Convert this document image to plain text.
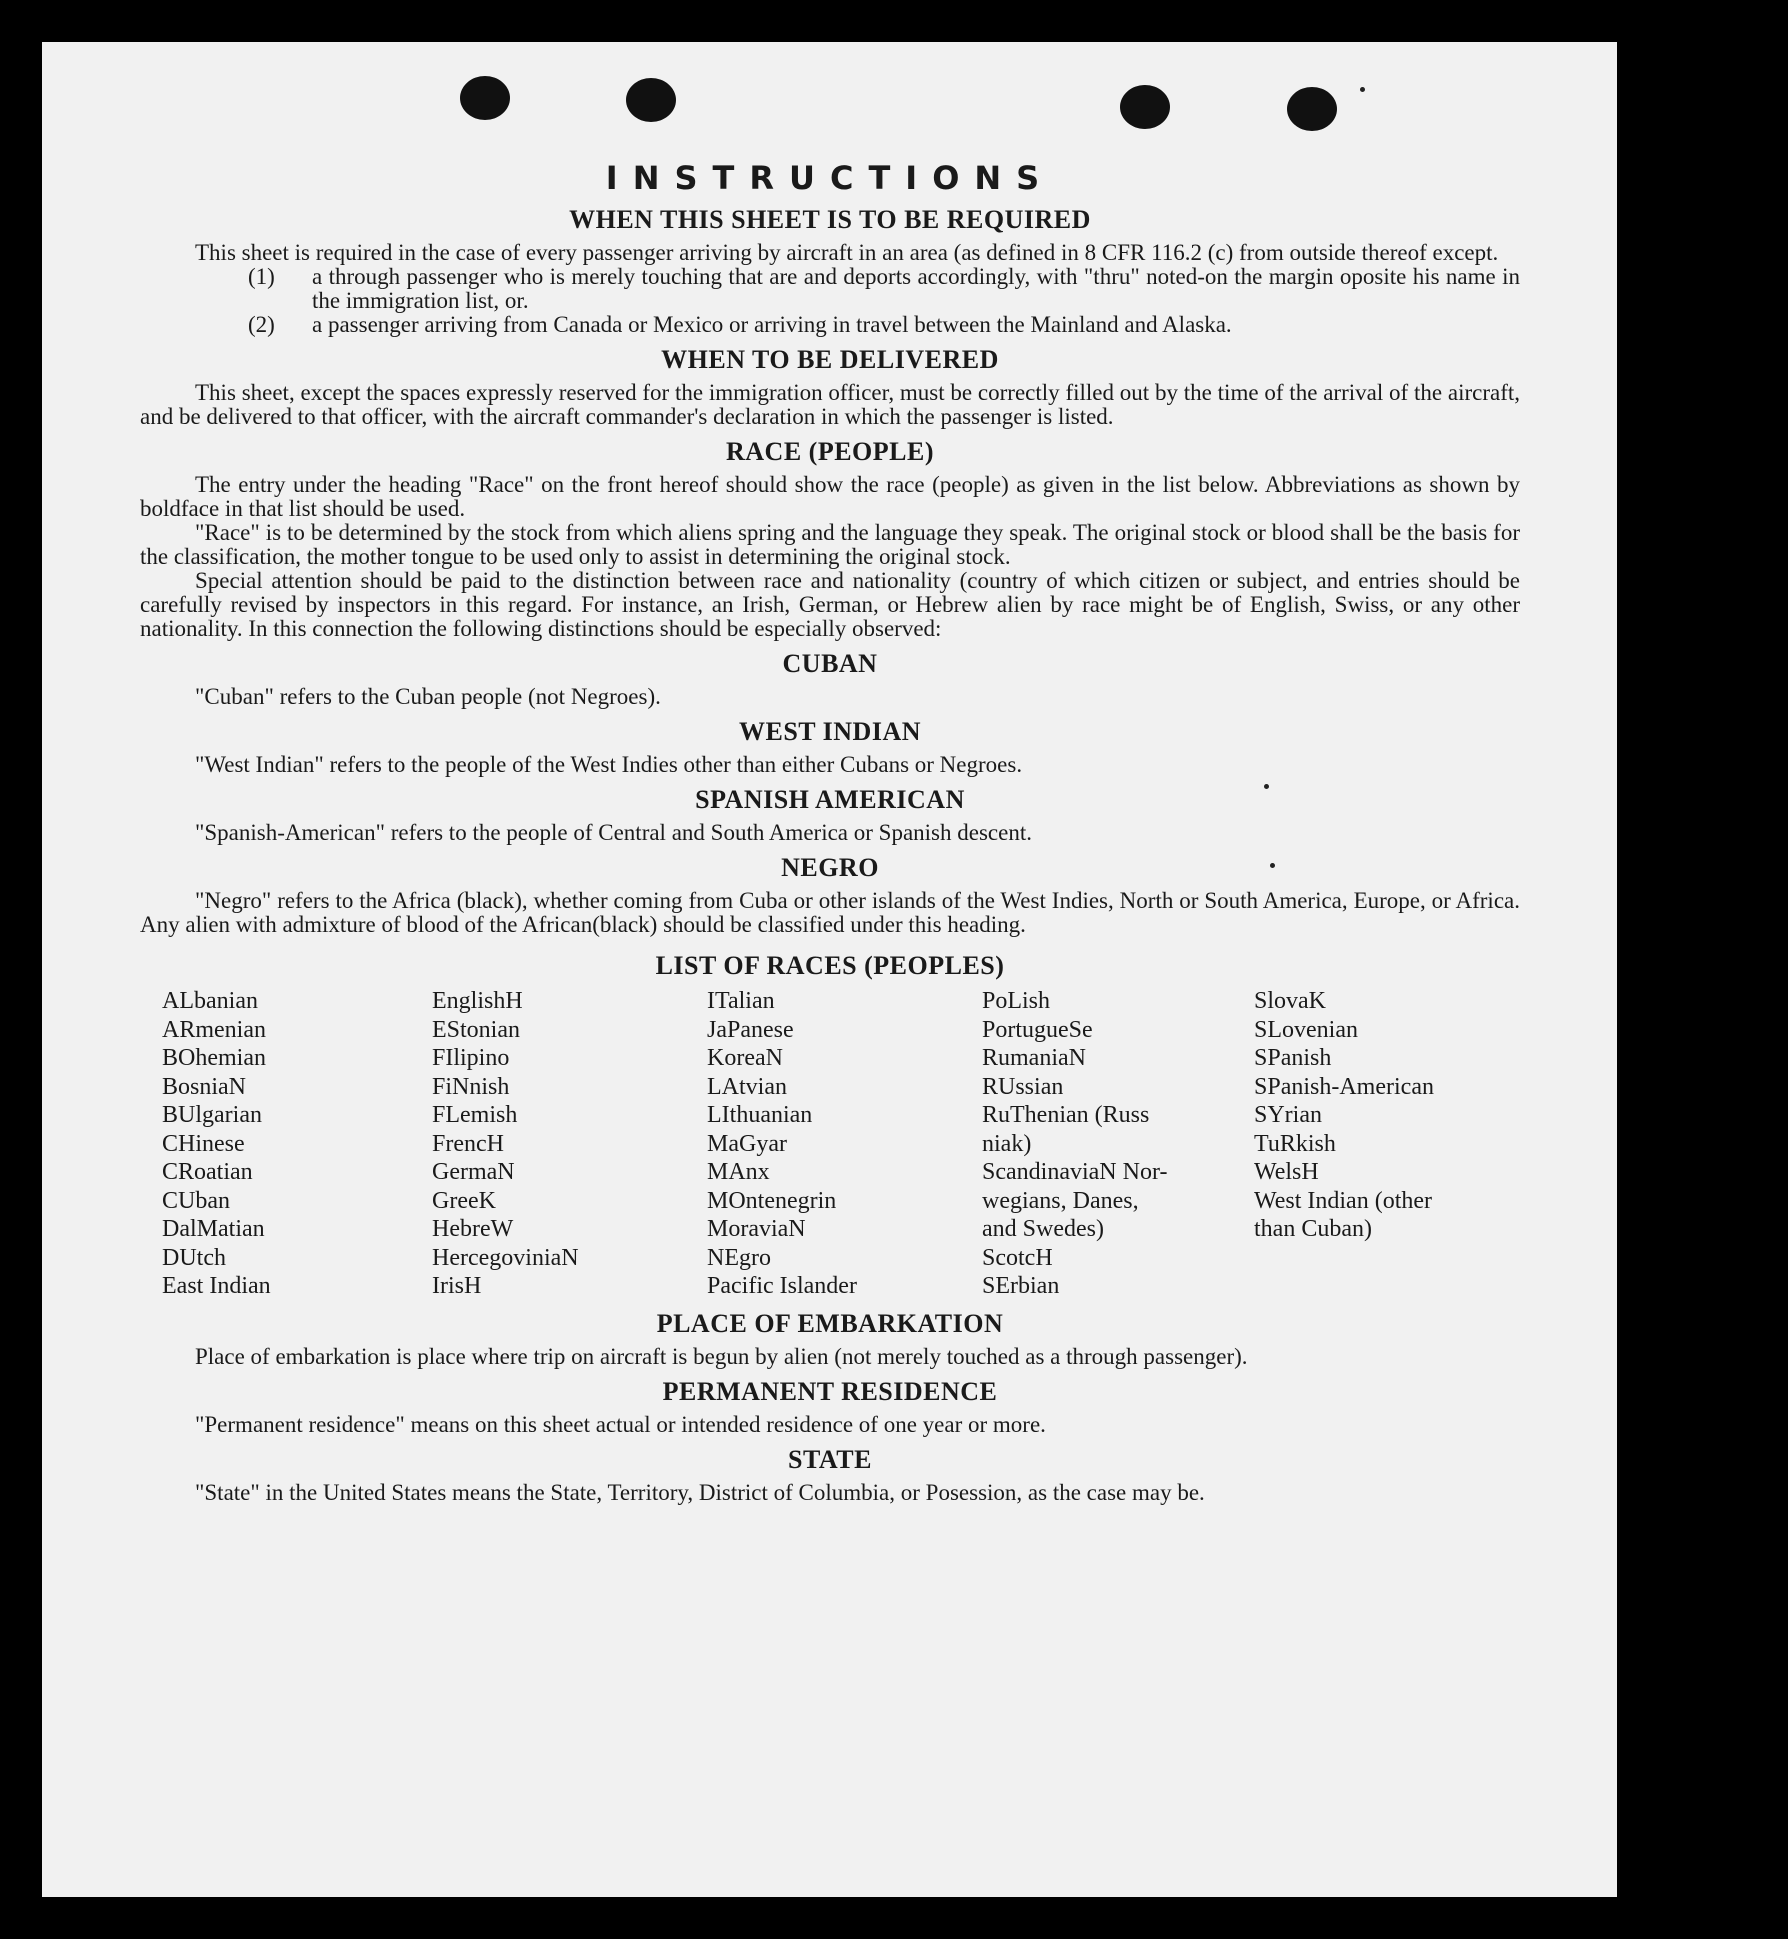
INSTRUCTIONS
WHEN THIS SHEET IS TO BE REQUIRED

This sheet is required in the case of every passenger arriving by aircraft in an area (as defined in 8 CFR 116.2 (c) from outside thereof except.

(1)	a through passenger who is merely touching that are and deports accordingly, with "thru" noted-on the margin oposite his name in the immigration list, or.
(2)	a passenger arriving from Canada or Mexico or arriving in travel between the Mainland and Alaska.
WHEN TO BE DELIVERED

This sheet, except the spaces expressly reserved for the immigration officer, must be correctly filled out by the time of the arrival of the aircraft, and be delivered to that officer, with the aircraft commander's declaration in which the passenger is listed.

RACE (PEOPLE)

The entry under the heading "Race" on the front hereof should show the race (people) as given in the list below. Abbreviations as shown by boldface in that list should be used.

"Race" is to be determined by the stock from which aliens spring and the language they speak. The original stock or blood shall be the basis for the classification, the mother tongue to be used only to assist in determining the original stock.

Special attention should be paid to the distinction between race and nationality (country of which citizen or subject, and entries should be carefully revised by inspectors in this regard. For instance, an Irish, German, or Hebrew alien by race might be of English, Swiss, or any other nationality. In this connection the following distinctions should be especially observed:

CUBAN

"Cuban" refers to the Cuban people (not Negroes).

WEST INDIAN

"West Indian" refers to the people of the West Indies other than either Cubans or Negroes.

SPANISH AMERICAN

"Spanish-American" refers to the people of Central and South America or Spanish descent.

NEGRO

"Negro" refers to the Africa (black), whether coming from Cuba or other islands of the West Indies, North or South America, Europe, or Africa. Any alien with admixture of blood of the African(black) should be classified under this heading.

LIST OF RACES (PEOPLES)
ALbanian
ARmenian
BOhemian
BosniaN
BUlgarian
CHinese
CRoatian
CUban
DalMatian
DUtch
East Indian
EnglishH
EStonian
FIlipino
FiNnish
FLemish
FrencH
GermaN
GreeK
HebreW
HercegoviniaN
IrisH
ITalian
JaPanese
KoreaN
LAtvian
LIthuanian
MaGyar
MAnx
MOntenegrin
MoraviaN
NEgro
Pacific Islander
PoLish
PortugueSe
RumaniaN
RUssian
RuThenian (Russ
niak)
ScandinaviaN Nor-
wegians, Danes,
and Swedes)
ScotcH
SErbian
SlovaK
SLovenian
SPanish
SPanish-American
SYrian
TuRkish
WelsH
West Indian (other
than Cuban)
PLACE OF EMBARKATION

Place of embarkation is place where trip on aircraft is begun by alien (not merely touched as a through passenger).

PERMANENT RESIDENCE

"Permanent residence" means on this sheet actual or intended residence of one year or more.

STATE

"State" in the United States means the State, Territory, District of Columbia, or Posession, as the case may be.
